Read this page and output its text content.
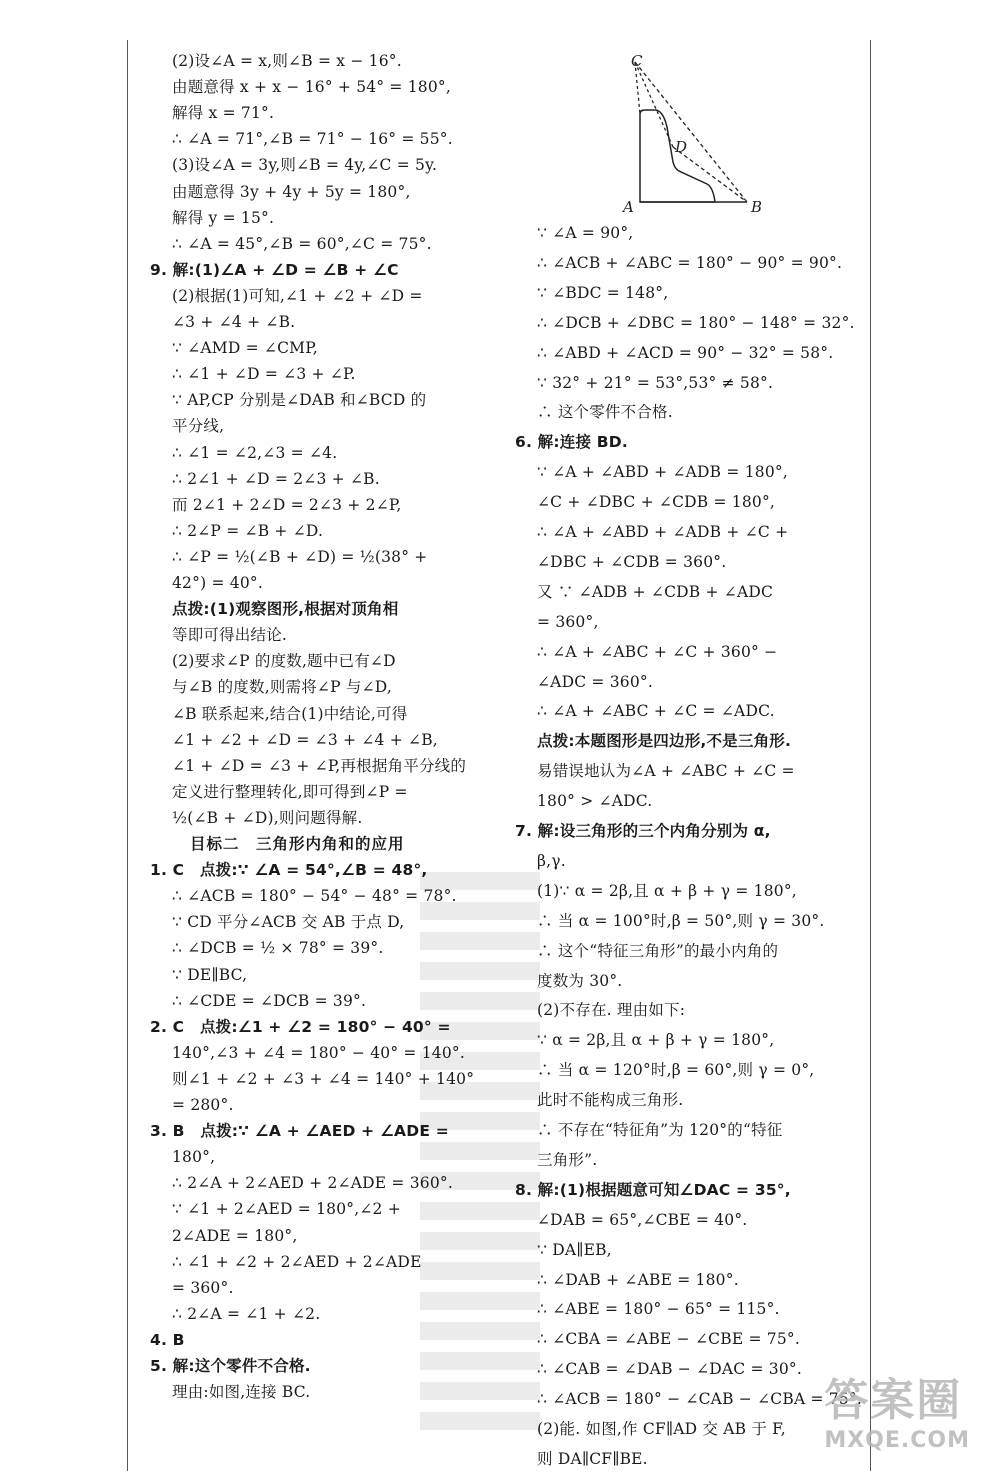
(2)设∠A = x,则∠B = x − 16°.
由题意得 x + x − 16° + 54° = 180°,
解得 x = 71°.
∴ ∠A = 71°,∠B = 71° − 16° = 55°.
(3)设∠A = 3y,则∠B = 4y,∠C = 5y.
由题意得 3y + 4y + 5y = 180°,
解得 y = 15°.
∴ ∠A = 45°,∠B = 60°,∠C = 75°.
9. 解:(1)∠A + ∠D = ∠B + ∠C
(2)根据(1)可知,∠1 + ∠2 + ∠D =
∠3 + ∠4 + ∠B.
∵ ∠AMD = ∠CMP,
∴ ∠1 + ∠D = ∠3 + ∠P.
∵ AP,CP 分别是∠DAB 和∠BCD 的
平分线,
∴ ∠1 = ∠2,∠3 = ∠4.
∴ 2∠1 + ∠D = 2∠3 + ∠B.
而 2∠1 + 2∠D = 2∠3 + 2∠P,
∴ 2∠P = ∠B + ∠D.
∴ ∠P = ½(∠B + ∠D) = ½(38° +
42°) = 40°.
点拨:(1)观察图形,根据对顶角相
等即可得出结论.
(2)要求∠P 的度数,题中已有∠D
与∠B 的度数,则需将∠P 与∠D,
∠B 联系起来,结合(1)中结论,可得
∠1 + ∠2 + ∠D = ∠3 + ∠4 + ∠B,
∠1 + ∠D = ∠3 + ∠P,再根据角平分线的
定义进行整理转化,即可得到∠P =
½(∠B + ∠D),则问题得解.
目标二　三角形内角和的应用
1. C　点拨:∵ ∠A = 54°,∠B = 48°,
∴ ∠ACB = 180° − 54° − 48° = 78°.
∵ CD 平分∠ACB 交 AB 于点 D,
∴ ∠DCB = ½ × 78° = 39°.
∵ DE∥BC,
∴ ∠CDE = ∠DCB = 39°.
2. C　点拨:∠1 + ∠2 = 180° − 40° =
140°,∠3 + ∠4 = 180° − 40° = 140°.
则∠1 + ∠2 + ∠3 + ∠4 = 140° + 140°
= 280°.
3. B　点拨:∵ ∠A + ∠AED + ∠ADE =
180°,
∴ 2∠A + 2∠AED + 2∠ADE = 360°.
∵ ∠1 + 2∠AED = 180°,∠2 +
2∠ADE = 180°,
∴ ∠1 + ∠2 + 2∠AED + 2∠ADE
= 360°.
∴ 2∠A = ∠1 + ∠2.
4. B
5. 解:这个零件不合格.
理由:如图,连接 BC.
∵ ∠A = 90°,
∴ ∠ACB + ∠ABC = 180° − 90° = 90°.
∵ ∠BDC = 148°,
∴ ∠DCB + ∠DBC = 180° − 148° = 32°.
∴ ∠ABD + ∠ACD = 90° − 32° = 58°.
∵ 32° + 21° = 53°,53° ≠ 58°.
∴ 这个零件不合格.
6. 解:连接 BD.
∵ ∠A + ∠ABD + ∠ADB = 180°,
∠C + ∠DBC + ∠CDB = 180°,
∴ ∠A + ∠ABD + ∠ADB + ∠C +
∠DBC + ∠CDB = 360°.
又 ∵ ∠ADB + ∠CDB + ∠ADC
= 360°,
∴ ∠A + ∠ABC + ∠C + 360° −
∠ADC = 360°.
∴ ∠A + ∠ABC + ∠C = ∠ADC.
点拨:本题图形是四边形,不是三角形.
易错误地认为∠A + ∠ABC + ∠C =
180° > ∠ADC.
7. 解:设三角形的三个内角分别为 α,
β,γ.
(1)∵ α = 2β,且 α + β + γ = 180°,
∴ 当 α = 100°时,β = 50°,则 γ = 30°.
∴ 这个“特征三角形”的最小内角的
度数为 30°.
(2)不存在. 理由如下:
∵ α = 2β,且 α + β + γ = 180°,
∴ 当 α = 120°时,β = 60°,则 γ = 0°,
此时不能构成三角形.
∴ 不存在“特征角”为 120°的“特征
三角形”.
8. 解:(1)根据题意可知∠DAC = 35°,
∠DAB = 65°,∠CBE = 40°.
∵ DA∥EB,
∴ ∠DAB + ∠ABE = 180°.
∴ ∠ABE = 180° − 65° = 115°.
∴ ∠CBA = ∠ABE − ∠CBE = 75°.
∴ ∠CAB = ∠DAB − ∠DAC = 30°.
∴ ∠ACB = 180° − ∠CAB − ∠CBA = 75°.
(2)能. 如图,作 CF∥AD 交 AB 于 F,
则 DA∥CF∥BE.
C
D
A	B
答案圈
MXQE.COM
